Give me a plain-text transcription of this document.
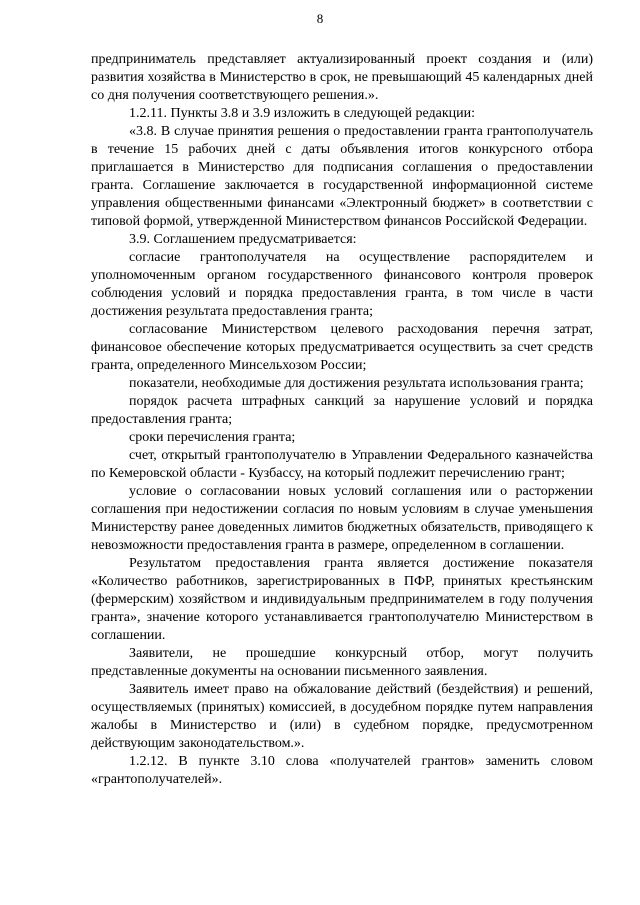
8

предприниматель представляет актуализированный проект создания и (или) развития хозяйства в Министерство в срок, не превышающий 45 календарных дней со дня получения соответствующего решения.».

1.2.11. Пункты 3.8 и 3.9 изложить в следующей редакции:

«3.8. В случае принятия решения о предоставлении гранта грантополучатель в течение 15 рабочих дней с даты объявления итогов конкурсного отбора приглашается в Министерство для подписания соглашения о предоставлении гранта. Соглашение заключается в государственной информационной системе управления общественными финансами «Электронный бюджет» в соответствии с типовой формой, утвержденной Министерством финансов Российской Федерации.

3.9. Соглашением предусматривается:

согласие грантополучателя на осуществление распорядителем и уполномоченным органом государственного финансового контроля проверок соблюдения условий и порядка предоставления гранта, в том числе в части достижения результата предоставления гранта;

согласование Министерством целевого расходования перечня затрат, финансовое обеспечение которых предусматривается осуществить за счет средств гранта, определенного Минсельхозом России;

показатели, необходимые для достижения результата использования гранта;

порядок расчета штрафных санкций за нарушение условий и порядка предоставления гранта;

сроки перечисления гранта;

счет, открытый грантополучателю в Управлении Федерального казначейства по Кемеровской области - Кузбассу, на который подлежит перечислению грант;

условие о согласовании новых условий соглашения или о расторжении соглашения при недостижении согласия по новым условиям в случае уменьшения Министерству ранее доведенных лимитов бюджетных обязательств, приводящего к невозможности предоставления гранта в размере, определенном в соглашении.

Результатом предоставления гранта является достижение показателя «Количество работников, зарегистрированных в ПФР, принятых крестьянским (фермерским) хозяйством и индивидуальным предпринимателем в году получения гранта», значение которого устанавливается грантополучателю Министерством в соглашении.

Заявители, не прошедшие конкурсный отбор, могут получить представленные документы на основании письменного заявления.

Заявитель имеет право на обжалование действий (бездействия) и решений, осуществляемых (принятых) комиссией, в досудебном порядке путем направления жалобы в Министерство и (или) в судебном порядке, предусмотренном действующим законодательством.».

1.2.12. В пункте 3.10 слова «получателей грантов» заменить словом «грантополучателей».
